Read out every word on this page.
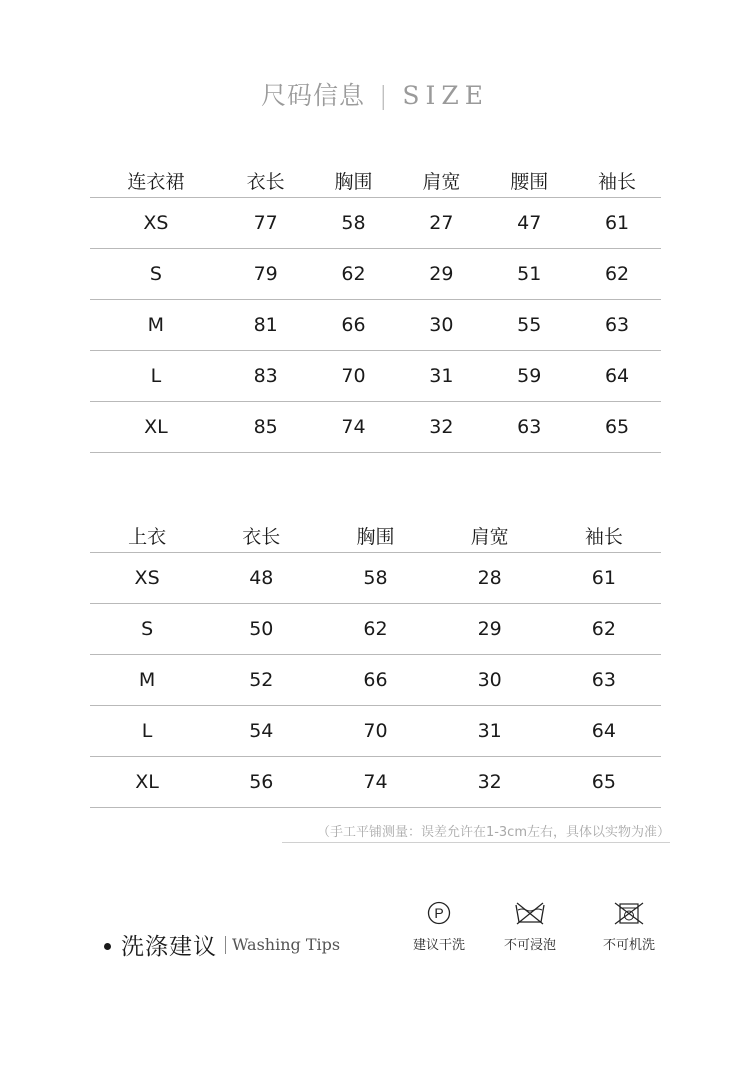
尺码信息 | SIZE
连衣裙	衣长	胸围	肩宽	腰围	袖长
XS	77	58	27	47	61
S	79	62	29	51	62
M	81	66	30	55	63
L	83	70	31	59	64
XL	85	74	32	63	65
上衣	衣长	胸围	肩宽	袖长
XS	48	58	28	61
S	50	62	29	62
M	52	66	30	63
L	54	70	31	64
XL	56	74	32	65
（手工平铺测量：误差允许在1-3cm左右，具体以实物为准）
洗涤建议 Washing Tips
P
建议干洗	不可浸泡	不可机洗
